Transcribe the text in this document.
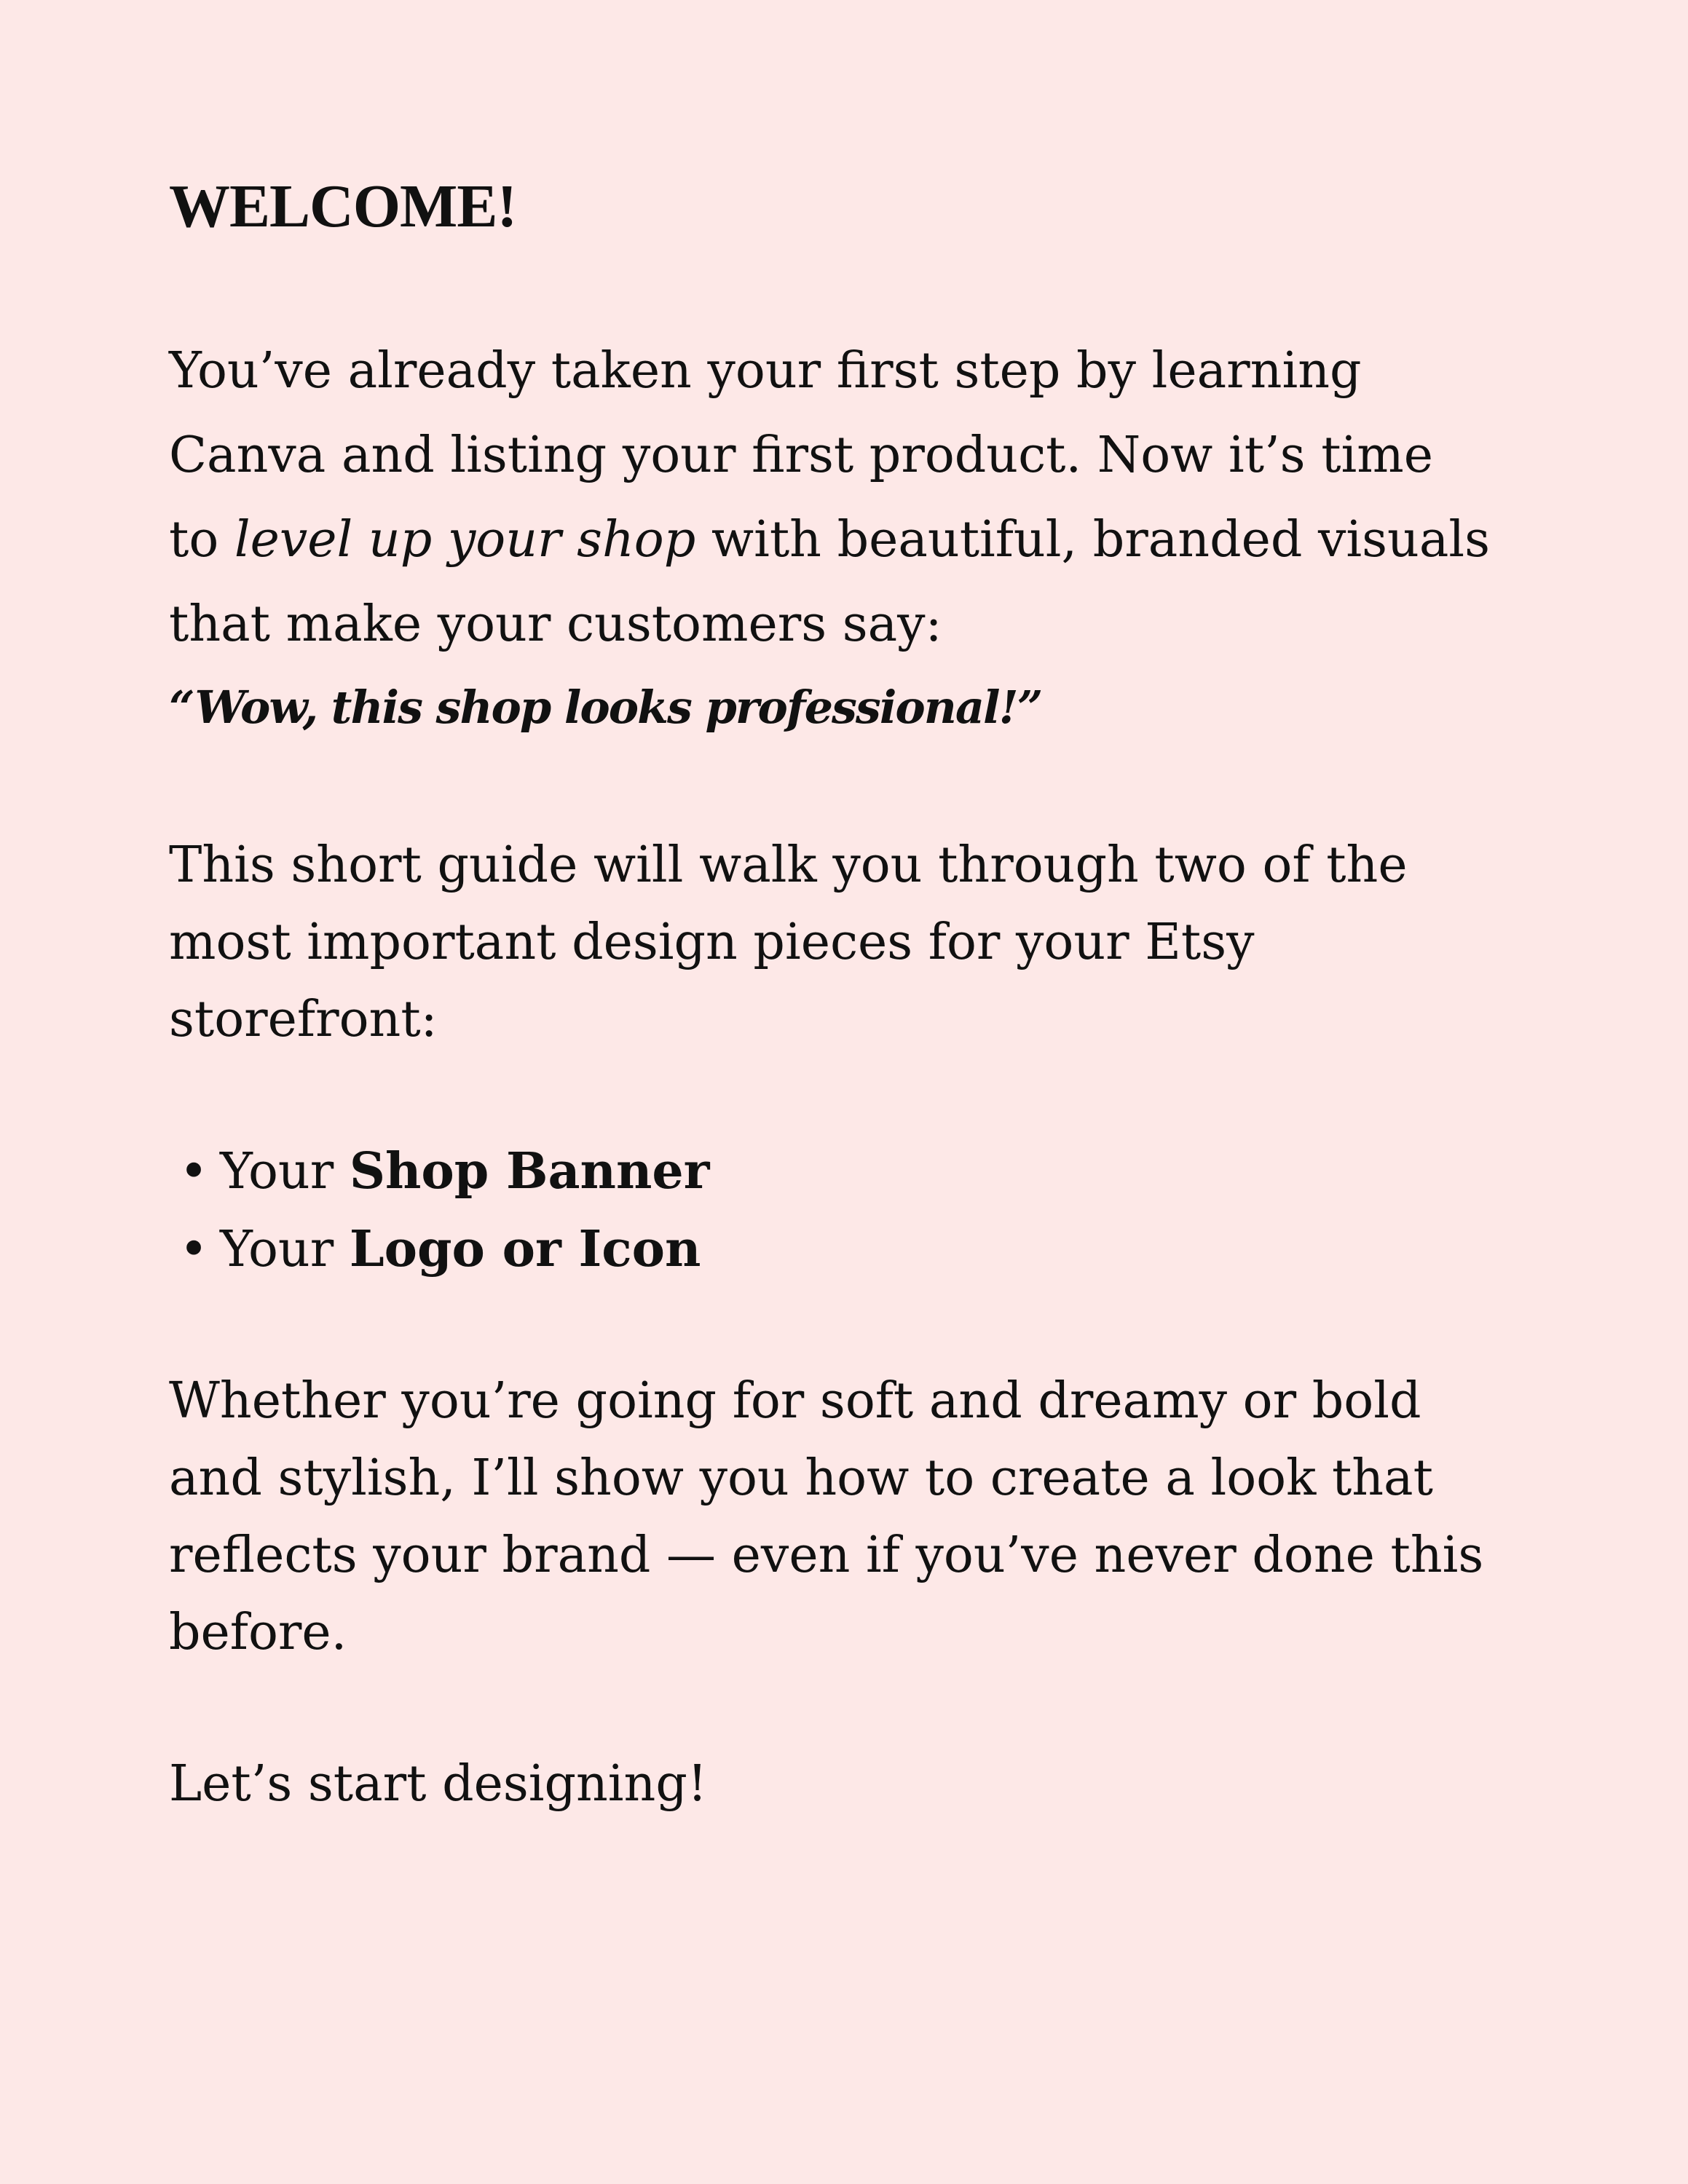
WELCOME!

You’ve already taken your first step by learning
Canva and listing your first product. Now it’s time
to level up your shop with beautiful, branded visuals
that make your customers say:

“Wow, this shop looks professional!”

This short guide will walk you through two of the
most important design pieces for your Etsy
storefront:

• Your Shop Banner
• Your Logo or Icon

Whether you’re going for soft and dreamy or bold
and stylish, I’ll show you how to create a look that
reflects your brand — even if you’ve never done this
before.

Let’s start designing!
